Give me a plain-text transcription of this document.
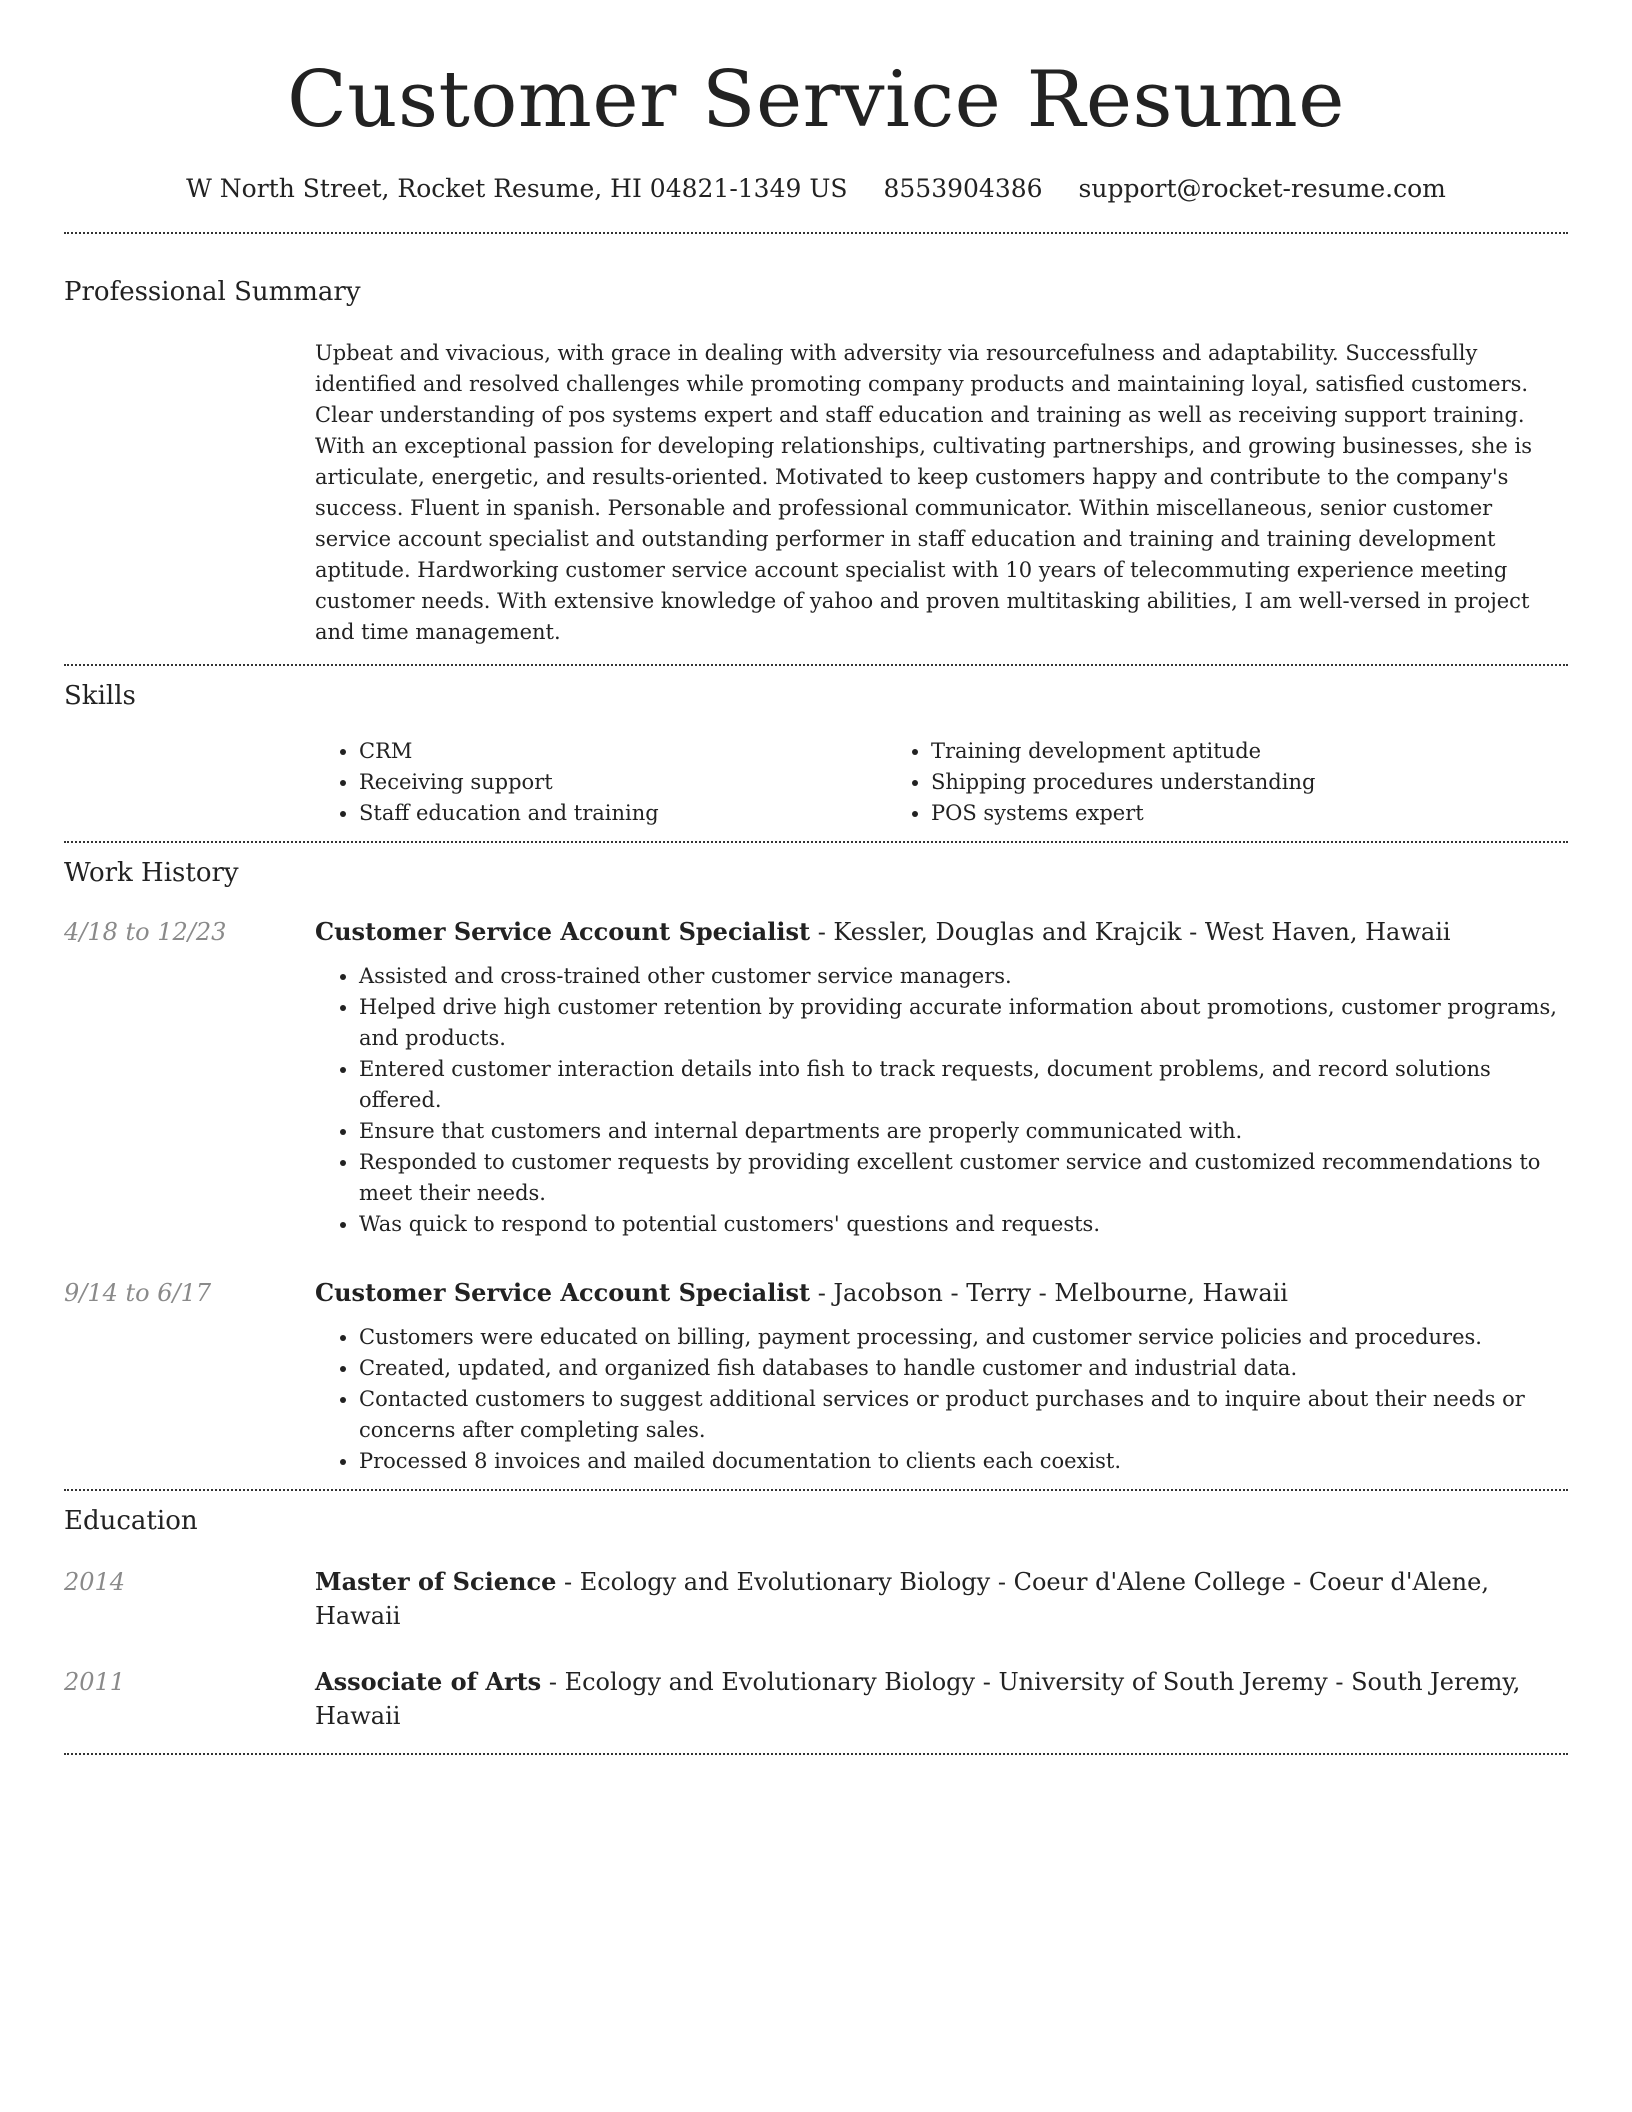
Customer Service Resume
W North Street, Rocket Resume, HI 04821-1349 US 8553904386 support@rocket-resume.com
Professional Summary

Upbeat and vivacious, with grace in dealing with adversity via resourcefulness and adaptability. Successfully identified and resolved challenges while promoting company products and maintaining loyal, satisfied customers. Clear understanding of pos systems expert and staff education and training as well as receiving support training. With an exceptional passion for developing relationships, cultivating partnerships, and growing businesses, she is articulate, energetic, and results-oriented. Motivated to keep customers happy and contribute to the company's success. Fluent in spanish. Personable and professional communicator. Within miscellaneous, senior customer service account specialist and outstanding performer in staff education and training and training development aptitude. Hardworking customer service account specialist with 10 years of telecommuting experience meeting customer needs. With extensive knowledge of yahoo and proven multitasking abilities, I am well-versed in project and time management.

Skills
• CRM
• Receiving support
• Staff education and training
• Training development aptitude
• Shipping procedures understanding
• POS systems expert
Work History
4/18 to 12/23	Customer Service Account Specialist - Kessler, Douglas and Krajcik - West Haven, Hawaii
• Assisted and cross-trained other customer service managers.
• Helped drive high customer retention by providing accurate information about promotions, customer programs, and products.
• Entered customer interaction details into fish to track requests, document problems, and record solutions offered.
• Ensure that customers and internal departments are properly communicated with.
• Responded to customer requests by providing excellent customer service and customized recommendations to meet their needs.
• Was quick to respond to potential customers' questions and requests.
9/14 to 6/17	Customer Service Account Specialist - Jacobson - Terry - Melbourne, Hawaii
• Customers were educated on billing, payment processing, and customer service policies and procedures.
• Created, updated, and organized fish databases to handle customer and industrial data.
• Contacted customers to suggest additional services or product purchases and to inquire about their needs or concerns after completing sales.
• Processed 8 invoices and mailed documentation to clients each coexist.
Education
2014	Master of Science - Ecology and Evolutionary Biology - Coeur d'Alene College - Coeur d'Alene, Hawaii
2011	Associate of Arts - Ecology and Evolutionary Biology - University of South Jeremy - South Jeremy, Hawaii
